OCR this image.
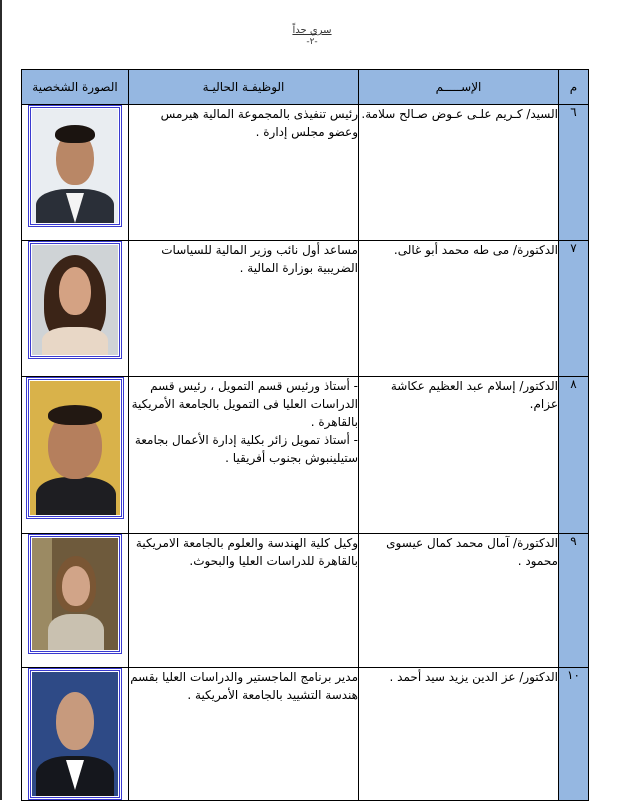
سري جداً
-٢-
م	الإســـــم	الوظيفـة الحاليـة	الصورة الشخصية
٦	السيد/ كـريم علـى عـوض صـالح سلامة.	رئيس تنفيذى بالمجموعة المالية هيرمس وعضو مجلس إدارة .	

٧	الدكتورة/ مى طه محمد أبو غالى.	مساعد أول نائب وزير المالية للسياسات الضريبية بوزارة المالية .	

٨	الدكتور/ إسلام عبد العظيم عكاشة عزام.	- أستاذ ورئيس قسم التمويل ، رئيس قسم الدراسات العليا فى التمويل بالجامعة الأمريكية بالقاهرة .
- أستاذ تمويل زائر بكلية إدارة الأعمال بجامعة ستيلينبوش بجنوب أفريقيا .	

٩	الدكتورة/ آمال محمد كمال عيسوى محمود .	وكيل كلية الهندسة والعلوم بالجامعة الامريكية بالقاهرة للدراسات العليا والبحوث.	

١٠	الدكتور/ عز الدين يزيد سيد أحمد .	مدير برنامج الماجستير والدراسات العليا بقسم هندسة التشييد بالجامعة الأمريكية .	
